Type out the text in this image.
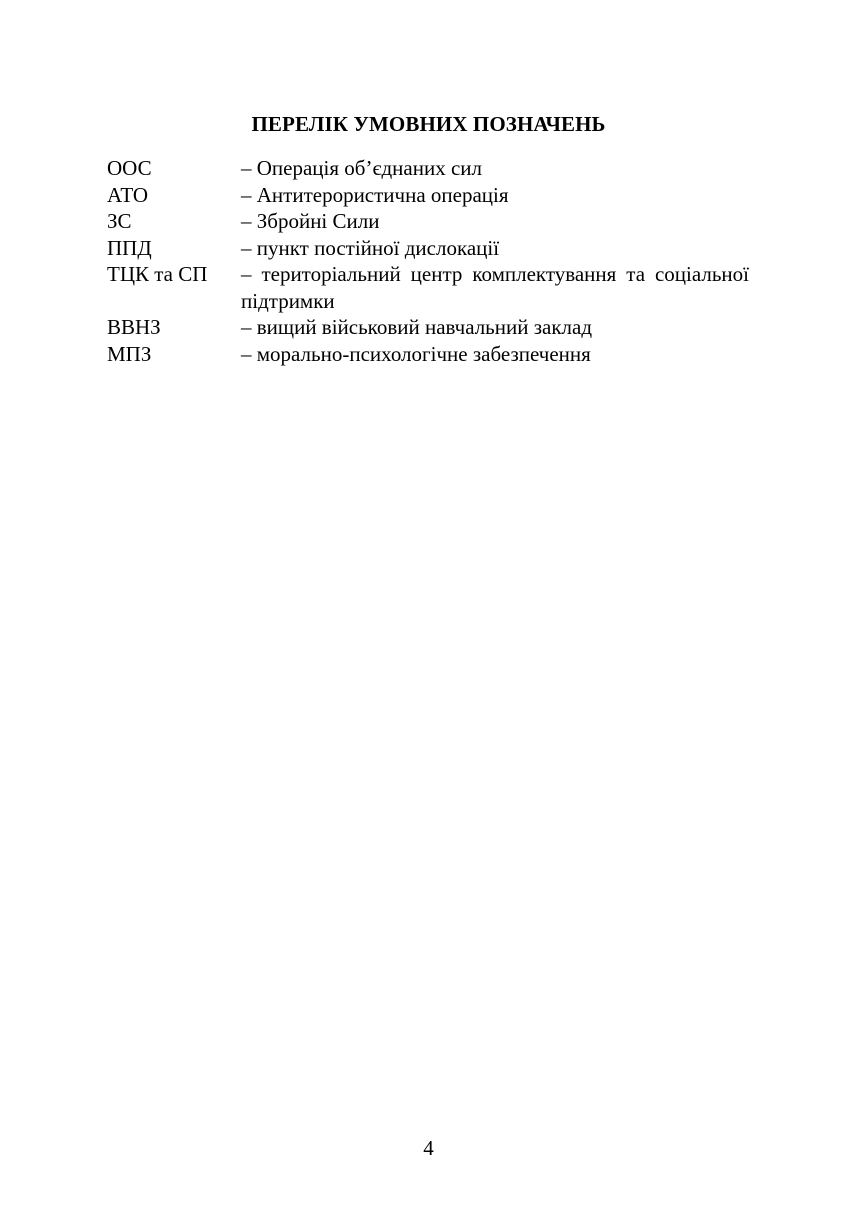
ПЕРЕЛІК УМОВНИХ ПОЗНАЧЕНЬ
ООС	– Операція об’єднаних сил
АТО	– Антитерористична операція
ЗС	– Збройні Сили
ППД	– пункт постійної дислокації
ТЦК та СП	– територіальний центр комплектування та соціальної підтримки
ВВНЗ	– вищий військовий навчальний заклад
МПЗ	– морально-психологічне забезпечення
4
